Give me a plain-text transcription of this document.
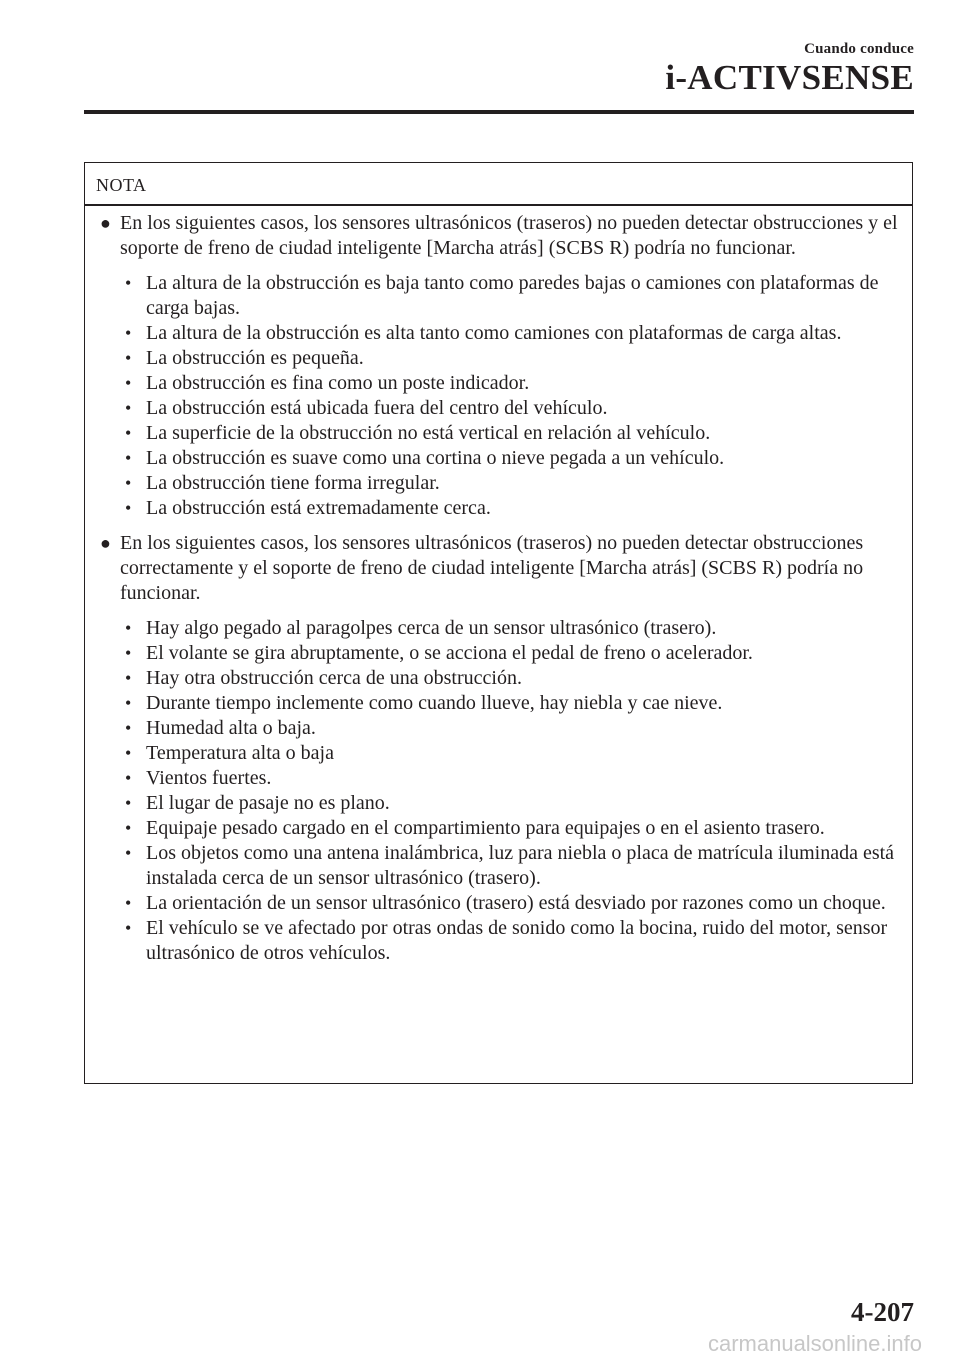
Cuando conduce
i-ACTIVSENSE
NOTA
● En los siguientes casos, los sensores ultrasónicos (traseros) no pueden detectar obstrucciones y el soporte de freno de ciudad inteligente [Marcha atrás] (SCBS R) podría no funcionar.
• La altura de la obstrucción es baja tanto como paredes bajas o camiones con plataformas de carga bajas.
• La altura de la obstrucción es alta tanto como camiones con plataformas de carga altas.
• La obstrucción es pequeña.
• La obstrucción es fina como un poste indicador.
• La obstrucción está ubicada fuera del centro del vehículo.
• La superficie de la obstrucción no está vertical en relación al vehículo.
• La obstrucción es suave como una cortina o nieve pegada a un vehículo.
• La obstrucción tiene forma irregular.
• La obstrucción está extremadamente cerca.
● En los siguientes casos, los sensores ultrasónicos (traseros) no pueden detectar obstrucciones correctamente y el soporte de freno de ciudad inteligente [Marcha atrás] (SCBS R) podría no funcionar.
• Hay algo pegado al paragolpes cerca de un sensor ultrasónico (trasero).
• El volante se gira abruptamente, o se acciona el pedal de freno o acelerador.
• Hay otra obstrucción cerca de una obstrucción.
• Durante tiempo inclemente como cuando llueve, hay niebla y cae nieve.
• Humedad alta o baja.
• Temperatura alta o baja
• Vientos fuertes.
• El lugar de pasaje no es plano.
• Equipaje pesado cargado en el compartimiento para equipajes o en el asiento trasero.
• Los objetos como una antena inalámbrica, luz para niebla o placa de matrícula iluminada está instalada cerca de un sensor ultrasónico (trasero).
• La orientación de un sensor ultrasónico (trasero) está desviado por razones como un choque.
• El vehículo se ve afectado por otras ondas de sonido como la bocina, ruido del motor, sensor ultrasónico de otros vehículos.
4-207
carmanualsonline.info
